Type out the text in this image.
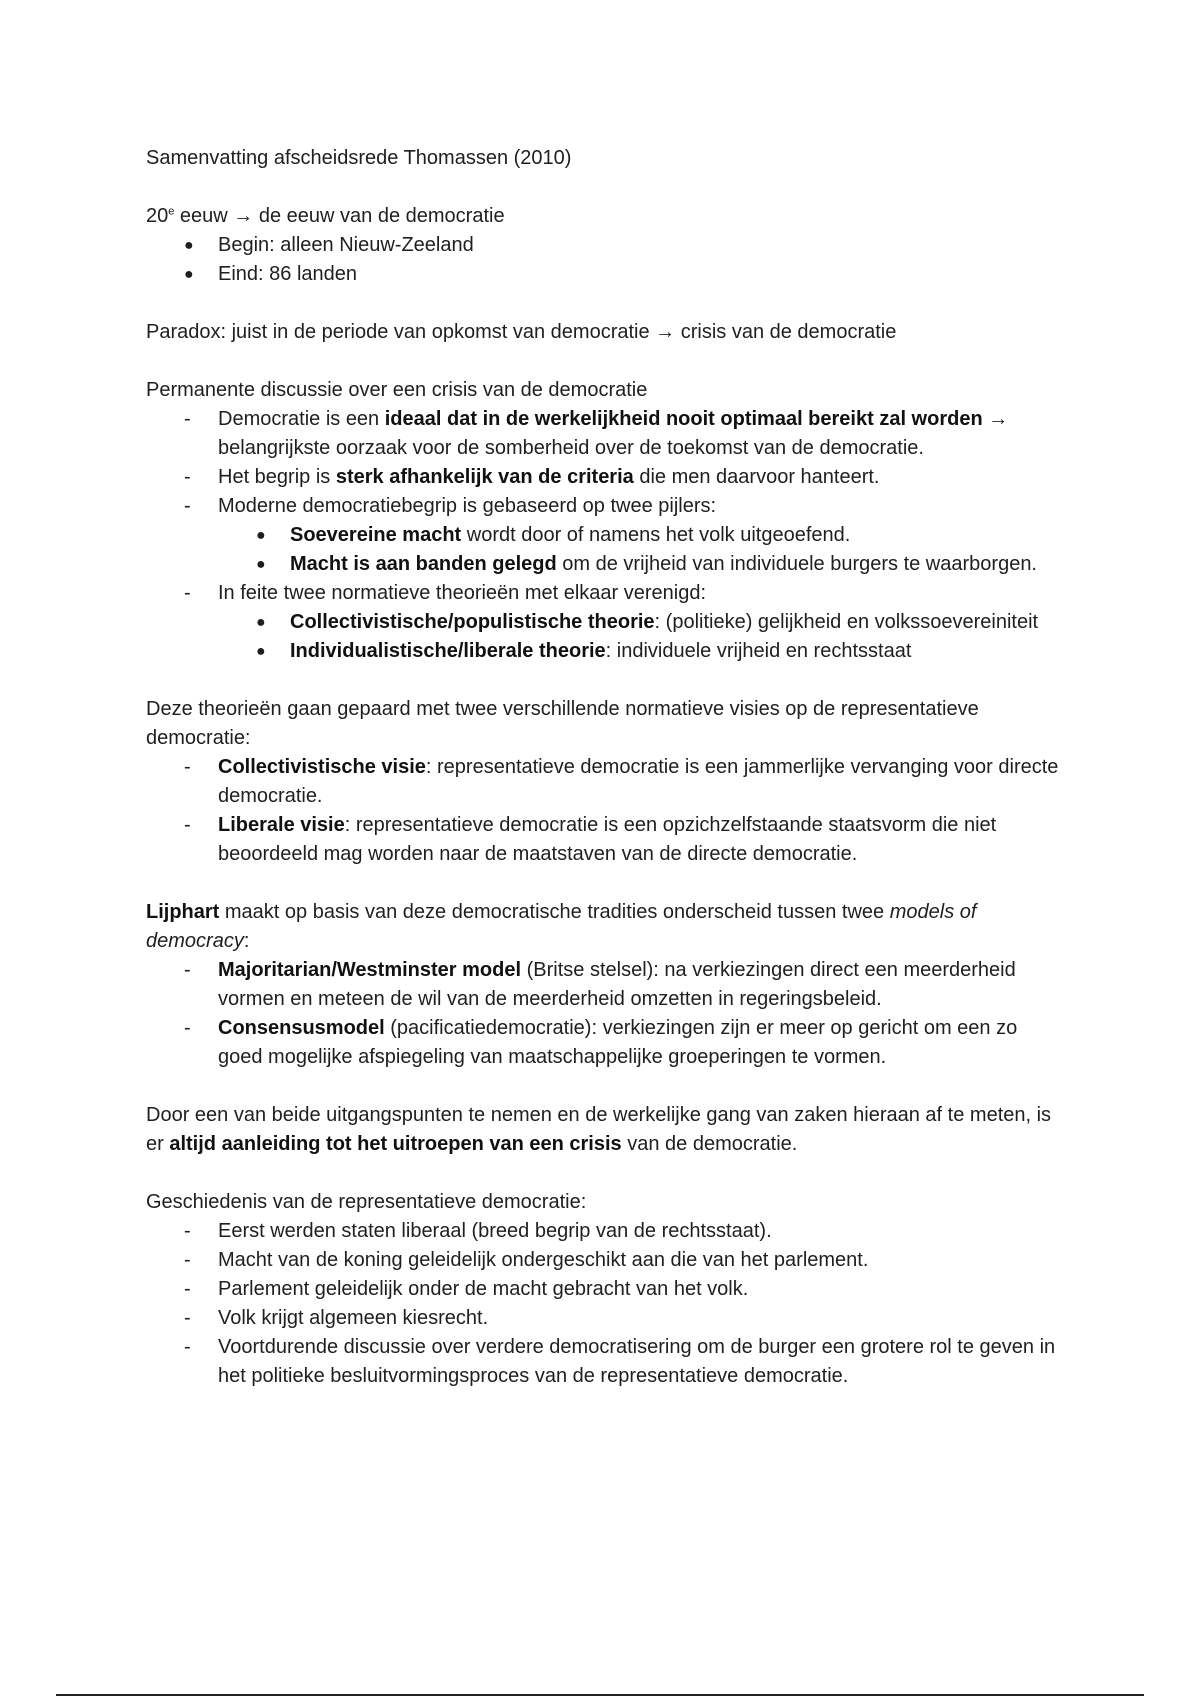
Samenvatting afscheidsrede Thomassen (2010)

20e eeuw → de eeuw van de democratie

● Begin: alleen Nieuw-Zeeland
● Eind: 86 landen

Paradox: juist in de periode van opkomst van democratie → crisis van de democratie

Permanente discussie over een crisis van de democratie

- Democratie is een ideaal dat in de werkelijkheid nooit optimaal bereikt zal worden → belangrijkste oorzaak voor de somberheid over de toekomst van de democratie.
- Het begrip is sterk afhankelijk van de criteria die men daarvoor hanteert.
- Moderne democratiebegrip is gebaseerd op twee pijlers:
● Soevereine macht wordt door of namens het volk uitgeoefend.
● Macht is aan banden gelegd om de vrijheid van individuele burgers te waarborgen.
- In feite twee normatieve theorieën met elkaar verenigd:
● Collectivistische/populistische theorie: (politieke) gelijkheid en volkssoevereiniteit
● Individualistische/liberale theorie: individuele vrijheid en rechtsstaat

Deze theorieën gaan gepaard met twee verschillende normatieve visies op de representatieve democratie:

- Collectivistische visie: representatieve democratie is een jammerlijke vervanging voor directe democratie.
- Liberale visie: representatieve democratie is een opzichzelfstaande staatsvorm die niet beoordeeld mag worden naar de maatstaven van de directe democratie.

Lijphart maakt op basis van deze democratische tradities onderscheid tussen twee models of democracy:

- Majoritarian/Westminster model (Britse stelsel): na verkiezingen direct een meerderheid vormen en meteen de wil van de meerderheid omzetten in regeringsbeleid.
- Consensusmodel (pacificatiedemocratie): verkiezingen zijn er meer op gericht om een zo goed mogelijke afspiegeling van maatschappelijke groeperingen te vormen.

Door een van beide uitgangspunten te nemen en de werkelijke gang van zaken hieraan af te meten, is er altijd aanleiding tot het uitroepen van een crisis van de democratie.

Geschiedenis van de representatieve democratie:

- Eerst werden staten liberaal (breed begrip van de rechtsstaat).
- Macht van de koning geleidelijk ondergeschikt aan die van het parlement.
- Parlement geleidelijk onder de macht gebracht van het volk.
- Volk krijgt algemeen kiesrecht.
- Voortdurende discussie over verdere democratisering om de burger een grotere rol te geven in het politieke besluitvormingsproces van de representatieve democratie.
